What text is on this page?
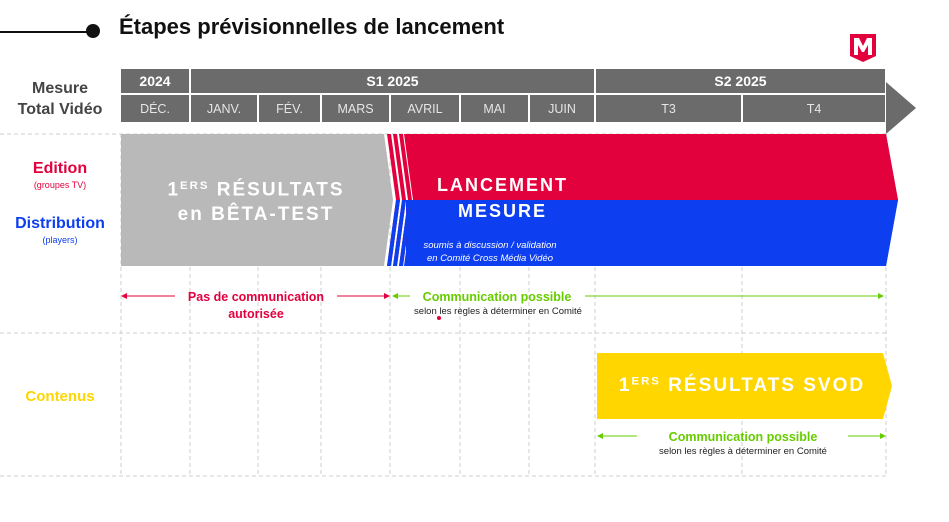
Étapes prévisionnelles de lancement
Mesure
Total Vidéo
Edition
(groupes TV)
Distribution
(players)
Contenus
2024	S1 2025	S2 2025
DÉC.	JANV.	FÉV.	MARS	AVRIL	MAI	JUIN	T3	T4
1ERS RÉSULTATS
en BÊTA-TEST
LANCEMENT
MESURE
soumis à discussion / validation
en Comité Cross Média Vidéo
Pas de communication
autorisée
Communication possible
selon les règles à déterminer en Comité
1ERS RÉSULTATS SVOD
Communication possible
selon les règles à déterminer en Comité
